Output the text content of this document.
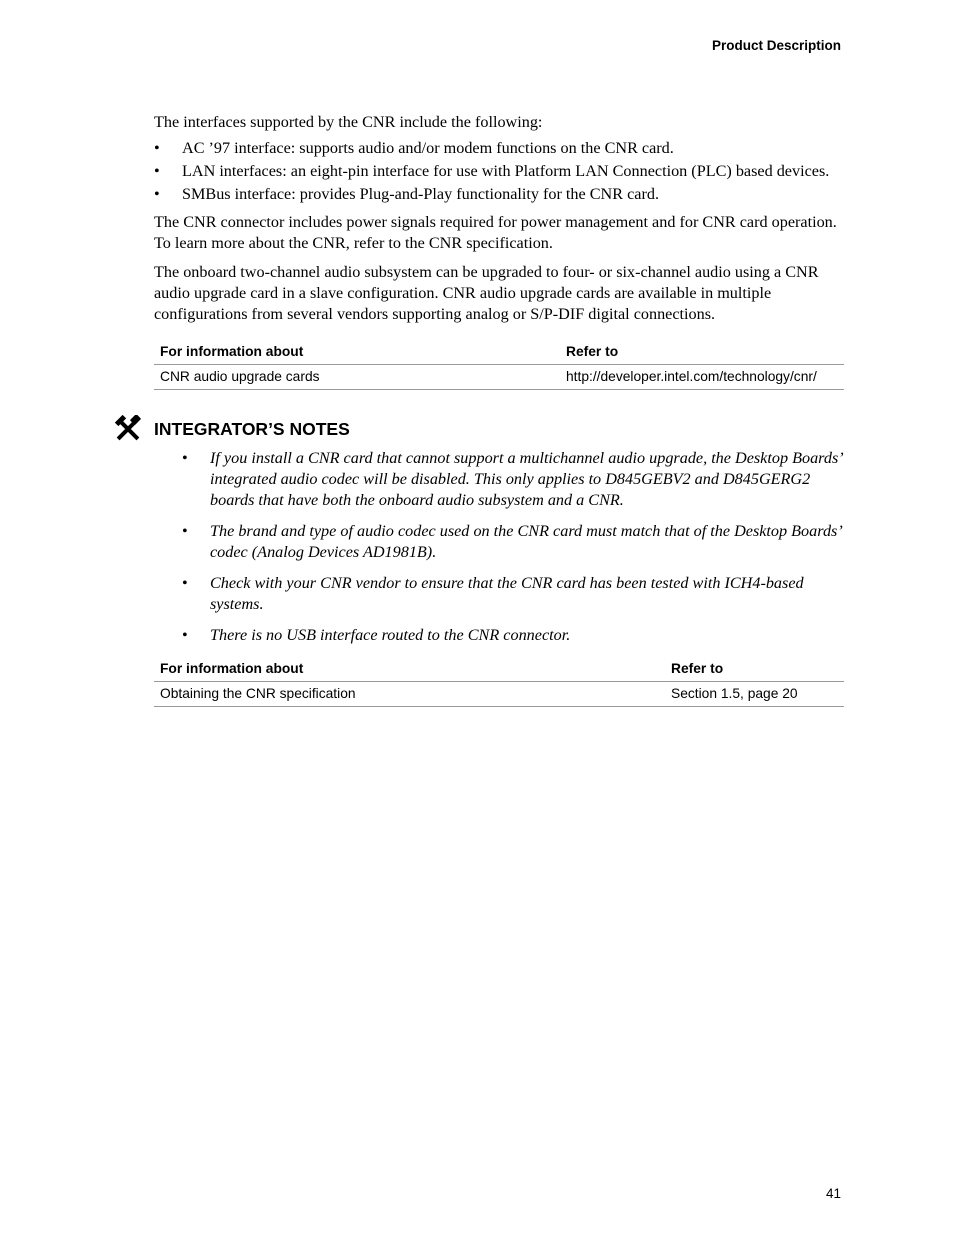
Product Description

The interfaces supported by the CNR include the following:

• AC ’97 interface: supports audio and/or modem functions on the CNR card.
• LAN interfaces: an eight-pin interface for use with Platform LAN Connection (PLC) based devices.
• SMBus interface: provides Plug-and-Play functionality for the CNR card.

The CNR connector includes power signals required for power management and for CNR card operation. To learn more about the CNR, refer to the CNR specification.

The onboard two-channel audio subsystem can be upgraded to four- or six-channel audio using a CNR audio upgrade card in a slave configuration. CNR audio upgrade cards are available in multiple configurations from several vendors supporting analog or S/P-DIF digital connections.

For information about	Refer to
CNR audio upgrade cards	http://developer.intel.com/technology/cnr/
INTEGRATOR’S NOTES
• If you install a CNR card that cannot support a multichannel audio upgrade, the Desktop Boards’ integrated audio codec will be disabled. This only applies to D845GEBV2 and D845GERG2 boards that have both the onboard audio subsystem and a CNR.
• The brand and type of audio codec used on the CNR card must match that of the Desktop Boards’ codec (Analog Devices AD1981B).
• Check with your CNR vendor to ensure that the CNR card has been tested with ICH4-based systems.
• There is no USB interface routed to the CNR connector.
For information about	Refer to
Obtaining the CNR specification	Section 1.5, page 20
41
